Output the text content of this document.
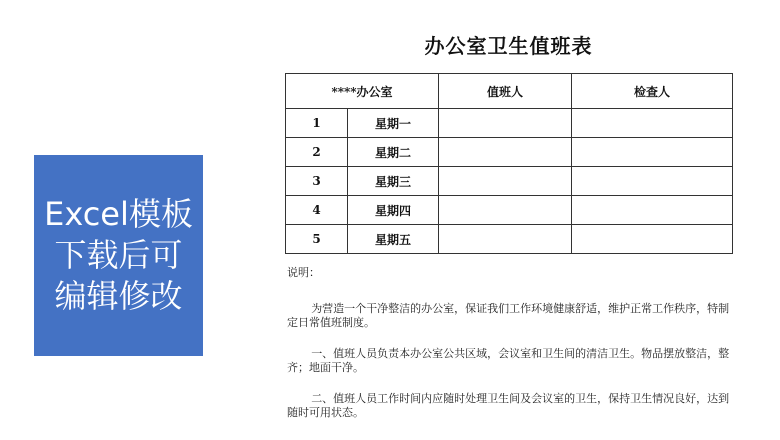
Excel模板
下载后可
编辑修改
办公室卫生值班表
****办公室		值班人	检查人
1	星期一		
2	星期二		
3	星期三		
4	星期四		
5	星期五		

说明：

为营造一个干净整洁的办公室，保证我们工作环境健康舒适，维护正常工作秩序，特制定日常值班制度。

一、值班人员负责本办公室公共区域，会议室和卫生间的清洁卫生。物品摆放整洁，整齐；地面干净。

二、值班人员工作时间内应随时处理卫生间及会议室的卫生，保持卫生情况良好，达到随时可用状态。
